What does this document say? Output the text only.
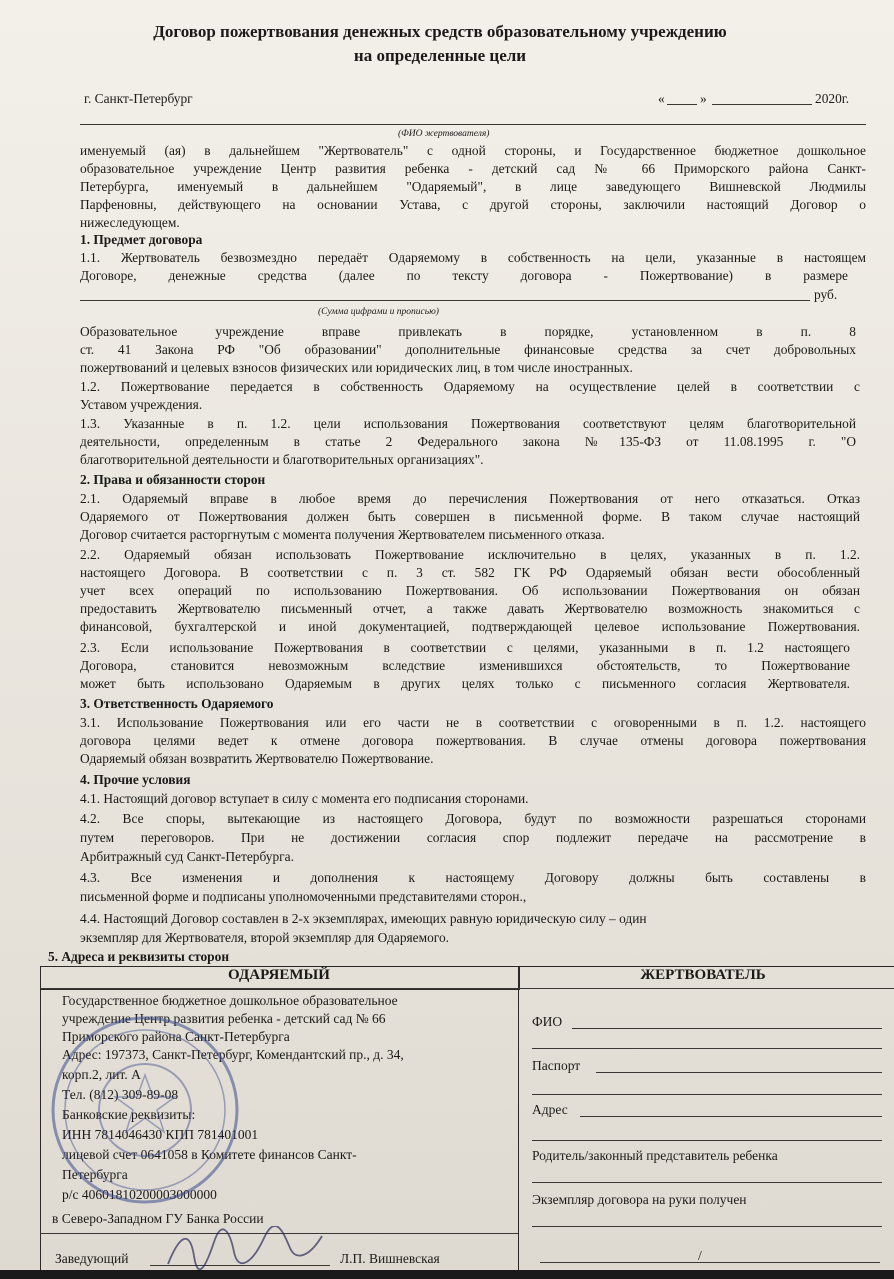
Договор пожертвования денежных средств образовательному учреждению
на определенные цели
г. Санкт-Петербург	«	»	2020г.
(ФИО жертвователя)
именуемый (ая) в дальнейшем "Жертвователь" с одной стороны, и Государственное бюджетное дошкольное
образовательное учреждение Центр развития ребенка - детский сад № 66 Приморского района Санкт-
Петербурга, именуемый в дальнейшем "Одаряемый", в лице заведующего Вишневской Людмилы
Парфеновны, действующего на основании Устава, с другой стороны, заключили настоящий Договор о
нижеследующем.
1. Предмет договора
1.1. Жертвователь безвозмездно передаёт Одаряемому в собственность на цели, указанные в настоящем
Договоре, денежные средства (далее по тексту договора - Пожертвование) в размере
руб.
(Сумма цифрами и прописью)
Образовательное учреждение вправе привлекать в порядке, установленном в п. 8
ст. 41 Закона РФ "Об образовании" дополнительные финансовые средства за счет добровольных
пожертвований и целевых взносов физических или юридических лиц, в том числе иностранных.
1.2. Пожертвование передается в собственность Одаряемому на осуществление целей в соответствии с
Уставом учреждения.
1.3. Указанные в п. 1.2. цели использования Пожертвования соответствуют целям благотворительной
деятельности, определенным в статье 2 Федерального закона №135-ФЗ от 11.08.1995 г. "О
благотворительной деятельности и благотворительных организациях".
2. Права и обязанности сторон
2.1. Одаряемый вправе в любое время до перечисления Пожертвования от него отказаться. Отказ
Одаряемого от Пожертвования должен быть совершен в письменной форме. В таком случае настоящий
Договор считается расторгнутым с момента получения Жертвователем письменного отказа.
2.2. Одаряемый обязан использовать Пожертвование исключительно в целях, указанных в п. 1.2.
настоящего Договора. В соответствии с п. 3 ст. 582 ГК РФ Одаряемый обязан вести обособленный
учет всех операций по использованию Пожертвования. Об использовании Пожертвования он обязан
предоставить Жертвователю письменный отчет, а также давать Жертвователю возможность знакомиться с
финансовой, бухгалтерской и иной документацией, подтверждающей целевое использование Пожертвования.
2.3. Если использование Пожертвования в соответствии с целями, указанными в п. 1.2 настоящего
Договора, становится невозможным вследствие изменившихся обстоятельств, то Пожертвование
может быть использовано Одаряемым в других целях только с письменного согласия Жертвователя.
3. Ответственность Одаряемого
3.1. Использование Пожертвования или его части не в соответствии с оговоренными в п. 1.2. настоящего
договора целями ведет к отмене договора пожертвования. В случае отмены договора пожертвования
Одаряемый обязан возвратить Жертвователю Пожертвование.
4. Прочие условия
4.1. Настоящий договор вступает в силу с момента его подписания сторонами.
4.2. Все споры, вытекающие из настоящего Договора, будут по возможности разрешаться сторонами
путем переговоров. При не достижении согласия спор подлежит передаче на рассмотрение в
Арбитражный суд Санкт-Петербурга.
4.3. Все изменения и дополнения к настоящему Договору должны быть составлены в
письменной форме и подписаны уполномоченными представителями сторон.,
4.4. Настоящий Договор составлен в 2-х экземплярах, имеющих равную юридическую силу – один
экземпляр для Жертвователя, второй экземпляр для Одаряемого.
5. Адреса и реквизиты сторон
ОДАРЯЕМЫЙ	ЖЕРТВОВАТЕЛЬ
Государственное бюджетное дошкольное образовательное
учреждение Центр развития ребенка - детский сад № 66
Приморского района Санкт-Петербурга
Адрес: 197373, Санкт-Петербург, Комендантский пр., д. 34,
корп.2, лит. А
Тел. (812) 309-89-08
Банковские реквизиты:
ИНН 7814046430 КПП 781401001
лицевой счет 0641058 в Комитете финансов Санкт-
Петербурга
р/с 40601810200003000000
в Северо-Западном ГУ Банка России
Заведующий	Л.П. Вишневская
ФИО
Паспорт
Адрес
Родитель/законный представитель ребенка
Экземпляр договора на руки получен
/
